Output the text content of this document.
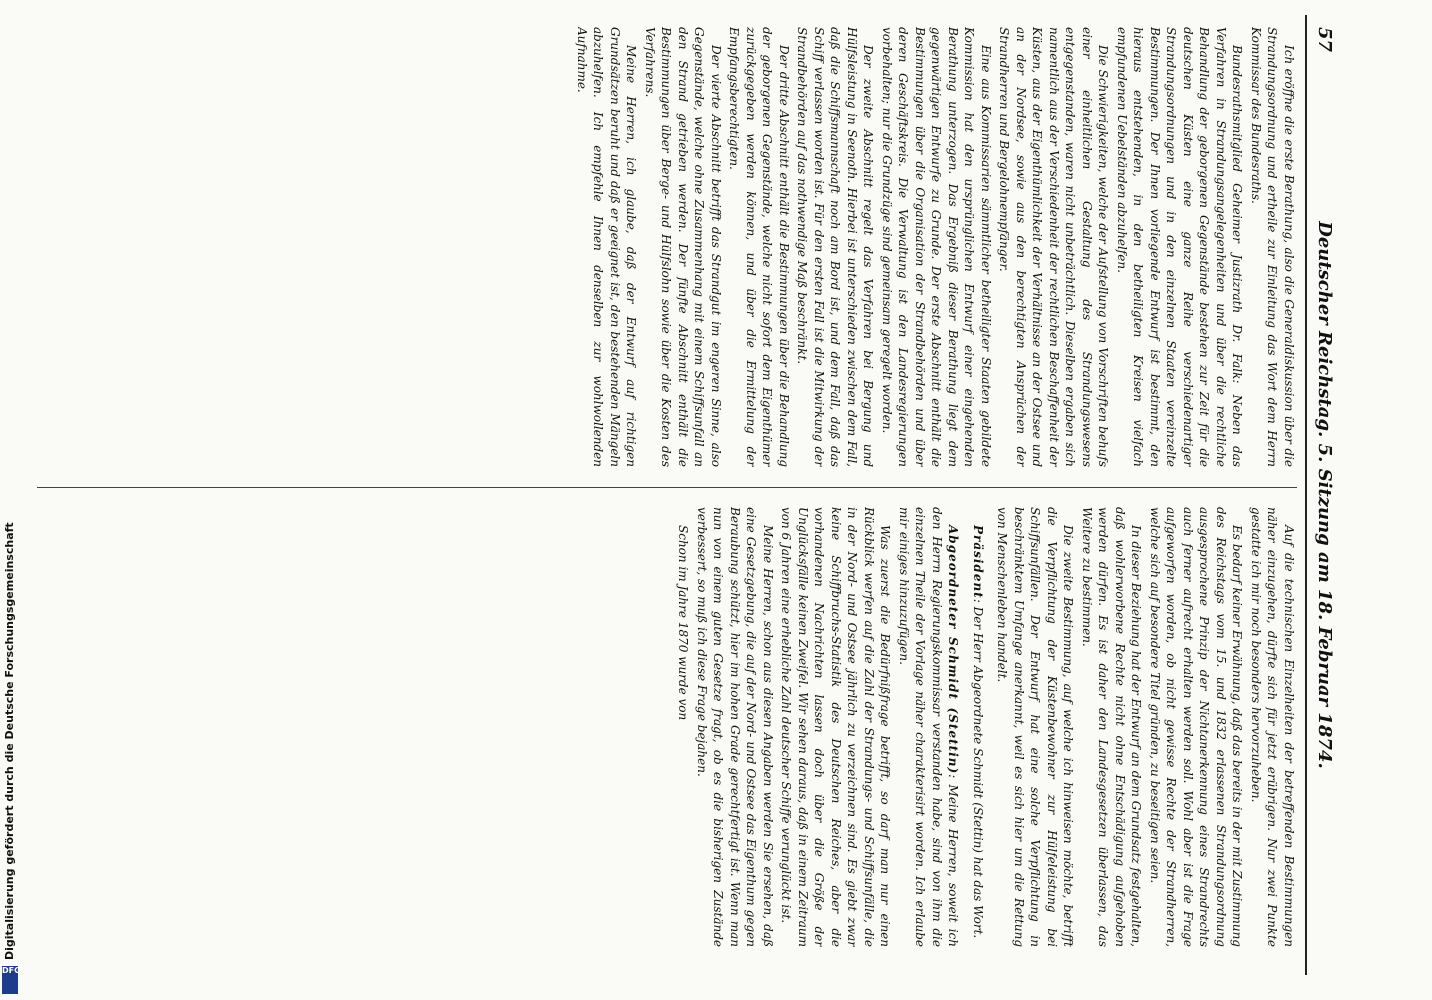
57
Deutscher Reichstag. 5. Sitzung am 18. Februar 1874.

Ich eröffne die erste Berathung, also die Generaldiskussion über die Strandungsordnung und ertheile zur Einleitung das Wort dem Herrn Kommissar des Bundesraths.

Bundesrathsmitglied Geheimer Justizrath Dr. Falk: Neben das Verfahren in Strandungsangelegenheiten und über die rechtliche Behandlung der geborgenen Gegenstände bestehen zur Zeit für die deutschen Küsten eine ganze Reihe verschiedenartiger Strandungsordnungen und in den einzelnen Staaten vereinzelte Bestimmungen. Der Ihnen vorliegende Entwurf ist bestimmt, den hieraus entstehenden, in den betheiligten Kreisen vielfach empfundenen Uebelständen abzuhelfen.

Die Schwierigkeiten, welche der Aufstellung von Vorschriften behufs einer einheitlichen Gestaltung des Strandungswesens entgegenstanden, waren nicht unbeträchtlich. Dieselben ergaben sich namentlich aus der Verschiedenheit der rechtlichen Beschaffenheit der Küsten, aus der Eigenthümlichkeit der Verhältnisse an der Ostsee und an der Nordsee, sowie aus den berechtigten Ansprüchen der Strandherren und Bergelohnempfänger.

Eine aus Kommissarien sämmtlicher betheiligter Staaten gebildete Kommission hat den ursprünglichen Entwurf einer eingehenden Berathung unterzogen. Das Ergebniß dieser Berathung liegt dem gegenwärtigen Entwurfe zu Grunde. Der erste Abschnitt enthält die Bestimmungen über die Organisation der Strandbehörden und über deren Geschäftskreis. Die Verwaltung ist den Landesregierungen vorbehalten; nur die Grundzüge sind gemeinsam geregelt worden.

Der zweite Abschnitt regelt das Verfahren bei Bergung und Hülfsleistung in Seenoth. Hierbei ist unterschieden zwischen dem Fall, daß die Schiffsmannschaft noch am Bord ist, und dem Fall, daß das Schiff verlassen worden ist. Für den ersten Fall ist die Mitwirkung der Strandbehörden auf das nothwendige Maß beschränkt.

Der dritte Abschnitt enthält die Bestimmungen über die Behandlung der geborgenen Gegenstände, welche nicht sofort dem Eigenthümer zurückgegeben werden können, und über die Ermittelung der Empfangsberechtigten.

Der vierte Abschnitt betrifft das Strandgut im engeren Sinne, also Gegenstände, welche ohne Zusammenhang mit einem Schiffsunfall an den Strand getrieben werden. Der fünfte Abschnitt enthält die Bestimmungen über Berge- und Hülfslohn sowie über die Kosten des Verfahrens.

Meine Herren, ich glaube, daß der Entwurf auf richtigen Grundsätzen beruht und daß er geeignet ist, den bestehenden Mängeln abzuhelfen. Ich empfehle Ihnen denselben zur wohlwollenden Aufnahme.

Auf die technischen Einzelheiten der betreffenden Bestimmungen näher einzugehen, dürfte sich für jetzt erübrigen. Nur zwei Punkte gestatte ich mir noch besonders hervorzuheben.

Es bedarf keiner Erwähnung, daß das bereits in der mit Zustimmung des Reichstags vom 15. und 1832 erlassenen Strandungsordnung ausgesprochene Prinzip der Nichtanerkennung eines Strandrechts auch ferner aufrecht erhalten werden soll. Wohl aber ist die Frage aufgeworfen worden, ob nicht gewisse Rechte der Strandherren, welche sich auf besondere Titel gründen, zu beseitigen seien.

In dieser Beziehung hat der Entwurf an dem Grundsatz festgehalten, daß wohlerworbene Rechte nicht ohne Entschädigung aufgehoben werden dürfen. Es ist daher den Landesgesetzen überlassen, das Weitere zu bestimmen.

Die zweite Bestimmung, auf welche ich hinweisen möchte, betrifft die Verpflichtung der Küstenbewohner zur Hülfeleistung bei Schiffsunfällen. Der Entwurf hat eine solche Verpflichtung in beschränktem Umfange anerkannt, weil es sich hier um die Rettung von Menschenleben handelt.

Präsident: Der Herr Abgeordnete Schmidt (Stettin) hat das Wort.

Abgeordneter Schmidt (Stettin): Meine Herren, soweit ich den Herrn Regierungskommissar verstanden habe, sind von ihm die einzelnen Theile der Vorlage näher charakterisirt worden. Ich erlaube mir einiges hinzuzufügen.

Was zuerst die Bedürfnißfrage betrifft, so darf man nur einen Rückblick werfen auf die Zahl der Strandungs- und Schiffsunfälle, die in der Nord- und Ostsee jährlich zu verzeichnen sind. Es giebt zwar keine Schiffbruchs-Statistik des Deutschen Reiches, aber die vorhandenen Nachrichten lassen doch über die Größe der Unglücksfälle keinen Zweifel. Wir sehen daraus, daß in einem Zeitraum von 6 Jahren eine erhebliche Zahl deutscher Schiffe verunglückt ist.

Meine Herren, schon aus diesen Angaben werden Sie ersehen, daß eine Gesetzgebung, die auf der Nord- und Ostsee das Eigenthum gegen Beraubung schützt, hier im hohen Grade gerechtfertigt ist. Wenn man nun von einem guten Gesetze fragt, ob es die bisherigen Zustände verbessert, so muß ich diese Frage bejahen.

Schon im Jahre 1870 wurde von

Digitalisierung gefördert durch die Deutsche Forschungsgemeinschaft
DFG
